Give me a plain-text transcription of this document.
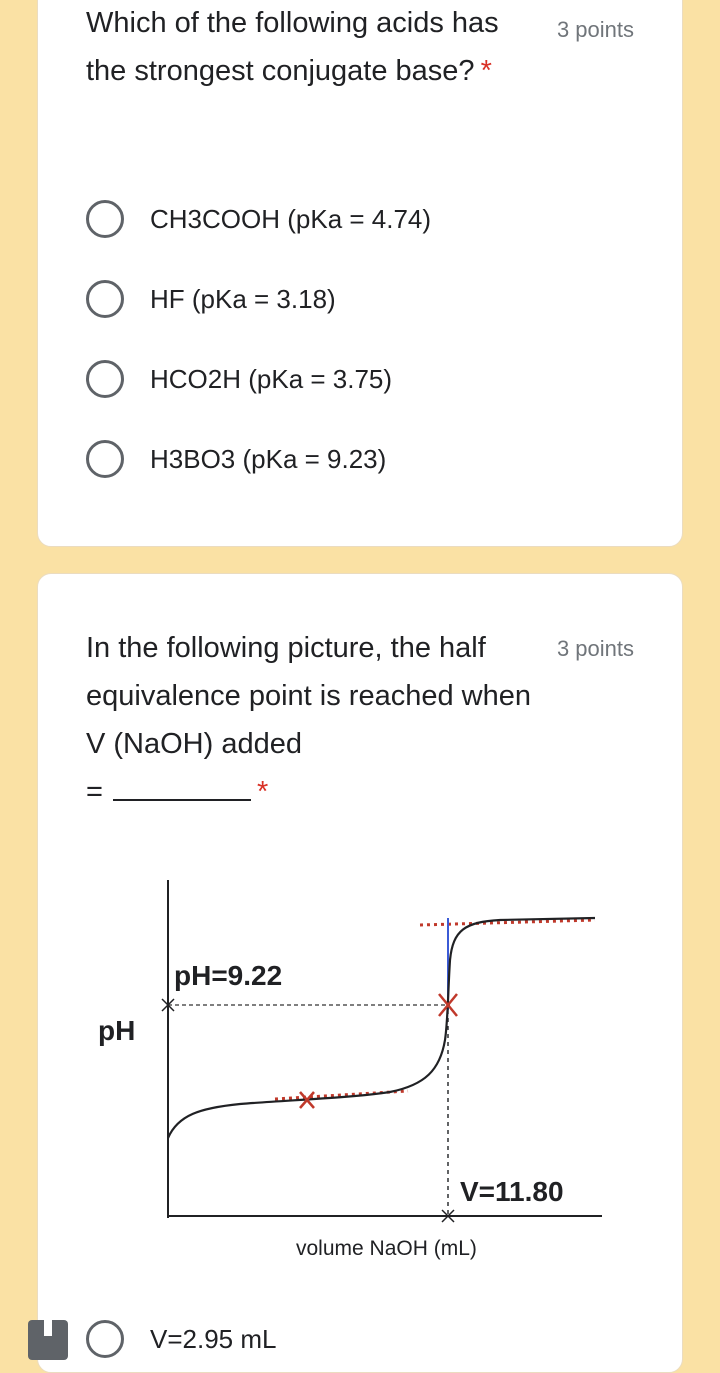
Which of the following acids has the strongest conjugate base? *
3 points
CH3COOH (pKa = 4.74)
HF (pKa = 3.18)
HCO2H (pKa = 3.75)
H3BO3 (pKa = 9.23)
In the following picture, the half equivalence point is reached when V (NaOH) added
=	*
3 points
pH=9.22
pH
V=11.80
volume NaOH (mL)
V=2.95 mL
